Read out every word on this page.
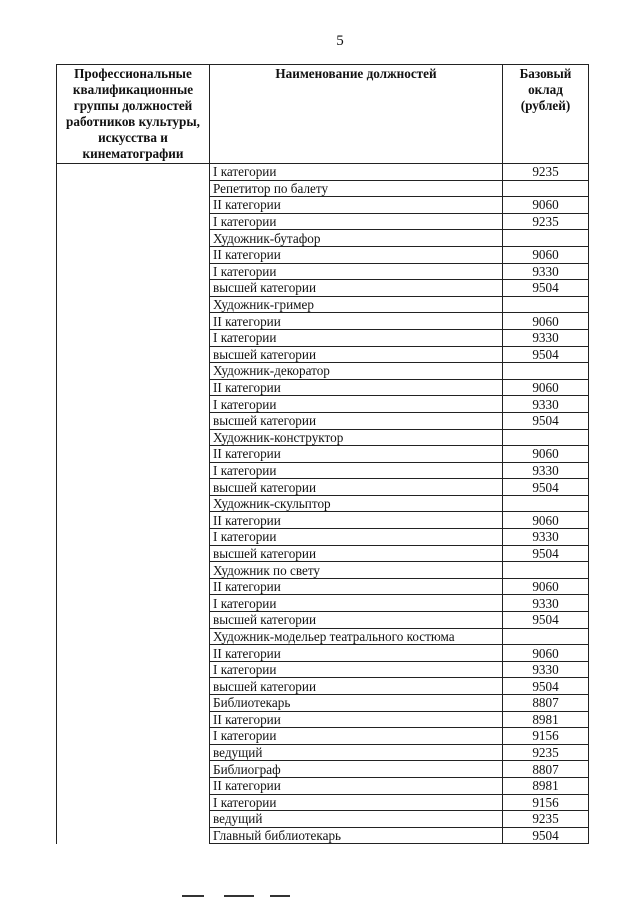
5
Профессиональные квалификационные группы должностей работников культуры, искусства и кинематографии	Наименование должностей	Базовый оклад (рублей)
	I категории	9235
	Репетитор по балету	
	II категории	9060
	I категории	9235
	Художник-бутафор	
	II категории	9060
	I категории	9330
	высшей категории	9504
	Художник-гример	
	II категории	9060
	I категории	9330
	высшей категории	9504
	Художник-декоратор	
	II категории	9060
	I категории	9330
	высшей категории	9504
	Художник-конструктор	
	II категории	9060
	I категории	9330
	высшей категории	9504
	Художник-скульптор	
	II категории	9060
	I категории	9330
	высшей категории	9504
	Художник по свету	
	II категории	9060
	I категории	9330
	высшей категории	9504
	Художник-модельер театрального костюма	
	II категории	9060
	I категории	9330
	высшей категории	9504
	Библиотекарь	8807
	II категории	8981
	I категории	9156
	ведущий	9235
	Библиограф	8807
	II категории	8981
	I категории	9156
	ведущий	9235
	Главный библиотекарь	9504
